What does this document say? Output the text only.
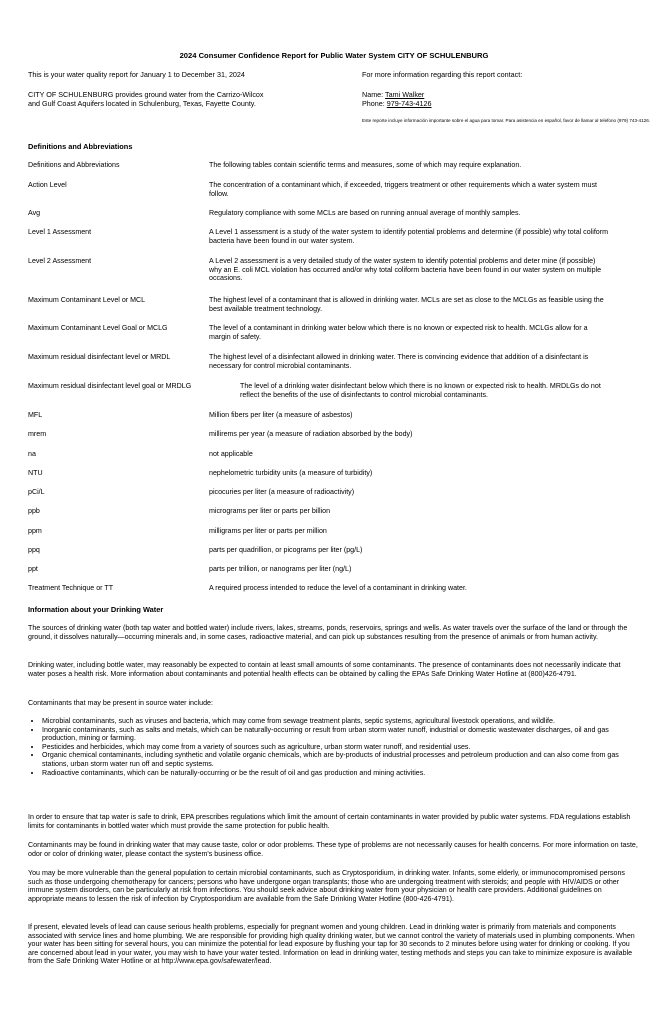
2024 Consumer Confidence Report for Public Water System CITY OF SCHULENBURG
This is your water quality report for January 1 to December 31, 2024
CITY OF SCHULENBURG provides ground water from the Carrizo-Wilcox
and Gulf Coast Aquifers located in Schulenburg, Texas, Fayette County.
For more information regarding this report contact:
Name: Tami Walker
Phone: 979-743-4126
Este reporte incluye información importante sobre el agua para tomar. Para asistencia en español, favor de llamar al telefono (979) 743-4126.
Definitions and Abbreviations
Definitions and Abbreviations	The following tables contain scientific terms and measures, some of which may require explanation.
Action Level	The concentration of a contaminant which, if exceeded, triggers treatment or other requirements which a water system must follow.
Avg	Regulatory compliance with some MCLs are based on running annual average of monthly samples.
Level 1 Assessment	A Level 1 assessment is a study of the water system to identify potential problems and determine (if possible) why total coliform bacteria have been found in our water system.
Level 2 Assessment	A Level 2 assessment is a very detailed study of the water system to identify potential problems and deter mine (if possible) why an E. coli MCL violation has occurred and/or why total coliform bacteria have been found in our water system on multiple occasions.
Maximum Contaminant Level or MCL	The highest level of a contaminant that is allowed in drinking water. MCLs are set as close to the MCLGs as feasible using the best available treatment technology.
Maximum Contaminant Level Goal or MCLG	The level of a contaminant in drinking water below which there is no known or expected risk to health. MCLGs allow for a margin of safety.
Maximum residual disinfectant level or MRDL	The highest level of a disinfectant allowed in drinking water. There is convincing evidence that addition of a disinfectant is necessary for control microbial contaminants.
Maximum residual disinfectant level goal or MRDLG	The level of a drinking water disinfectant below which there is no known or expected risk to health. MRDLGs do not reflect the benefits of the use of disinfectants to control microbial contaminants.
MFL	Million fibers per liter (a measure of asbestos)
mrem	millirems per year (a measure of radiation absorbed by the body)
na	not applicable
NTU	nephelometric turbidity units (a measure of turbidity)
pCi/L	picocuries per liter (a measure of radioactivity)
ppb	micrograms per liter or parts per billion
ppm	milligrams per liter or parts per million
ppq	parts per quadrillion, or picograms per liter (pg/L)
ppt	parts per trillion, or nanograms per liter (ng/L)
Treatment Technique or TT	A required process intended to reduce the level of a contaminant in drinking water.
Information about your Drinking Water

The sources of drinking water (both tap water and bottled water) include rivers, lakes, streams, ponds, reservoirs, springs and wells. As water travels over the surface of the land or through the ground, it dissolves naturally—occurring minerals and, in some cases, radioactive material, and can pick up substances resulting from the presence of animals or from human activity.

Drinking water, including bottle water, may reasonably be expected to contain at least small amounts of some contaminants. The presence of contaminants does not necessarily indicate that water poses a health risk. More information about contaminants and potential health effects can be obtained by calling the EPAs Safe Drinking Water Hotline at (800)426-4791.

Contaminants that may be present in source water include:

• Microbial contaminants, such as viruses and bacteria, which may come from sewage treatment plants, septic systems, agricultural livestock operations, and wildlife.
• Inorganic contaminants, such as salts and metals, which can be naturally-occurring or result from urban storm water runoff, industrial or domestic wastewater discharges, oil and gas production, mining or farming.
• Pesticides and herbicides, which may come from a variety of sources such as agriculture, urban storm water runoff, and residential uses.
• Organic chemical contaminants, including synthetic and volatile organic chemicals, which are by-products of industrial processes and petroleum production and can also come from gas stations, urban storm water run off and septic systems.
• Radioactive contaminants, which can be naturally-occurring or be the result of oil and gas production and mining activities.

In order to ensure that tap water is safe to drink, EPA prescribes regulations which limit the amount of certain contaminants in water provided by public water systems. FDA regulations establish limits for contaminants in bottled water which must provide the same protection for public health.

Contaminants may be found in drinking water that may cause taste, color or odor problems. These type of problems are not necessarily causes for health concerns. For more information on taste, odor or color of drinking water, please contact the system's business office.

You may be more vulnerable than the general population to certain microbial contaminants, such as Cryptosporidium, in drinking water. Infants, some elderly, or immunocompromised persons such as those undergoing chemotherapy for cancers; persons who have undergone organ transplants; those who are undergoing treatment with steroids; and people with HIV/AIDS or other immune system disorders, can be particularly at risk from infections. You should seek advice about drinking water from your physician or health care providers. Additional guidelines on appropriate means to lessen the risk of infection by Cryptosporidium are available from the Safe Drinking Water Hotline (800-426-4791).

If present, elevated levels of lead can cause serious health problems, especially for pregnant women and young children. Lead in drinking water is primarily from materials and components associated with service lines and home plumbing. We are responsible for providing high quality drinking water, but we cannot control the variety of materials used in plumbing components. When your water has been sitting for several hours, you can minimize the potential for lead exposure by flushing your tap for 30 seconds to 2 minutes before using water for drinking or cooking. If you are concerned about lead in your water, you may wish to have your water tested. Information on lead in drinking water, testing methods and steps you can take to minimize exposure is available from the Safe Drinking Water Hotline or at http://www.epa.gov/safewater/lead.
